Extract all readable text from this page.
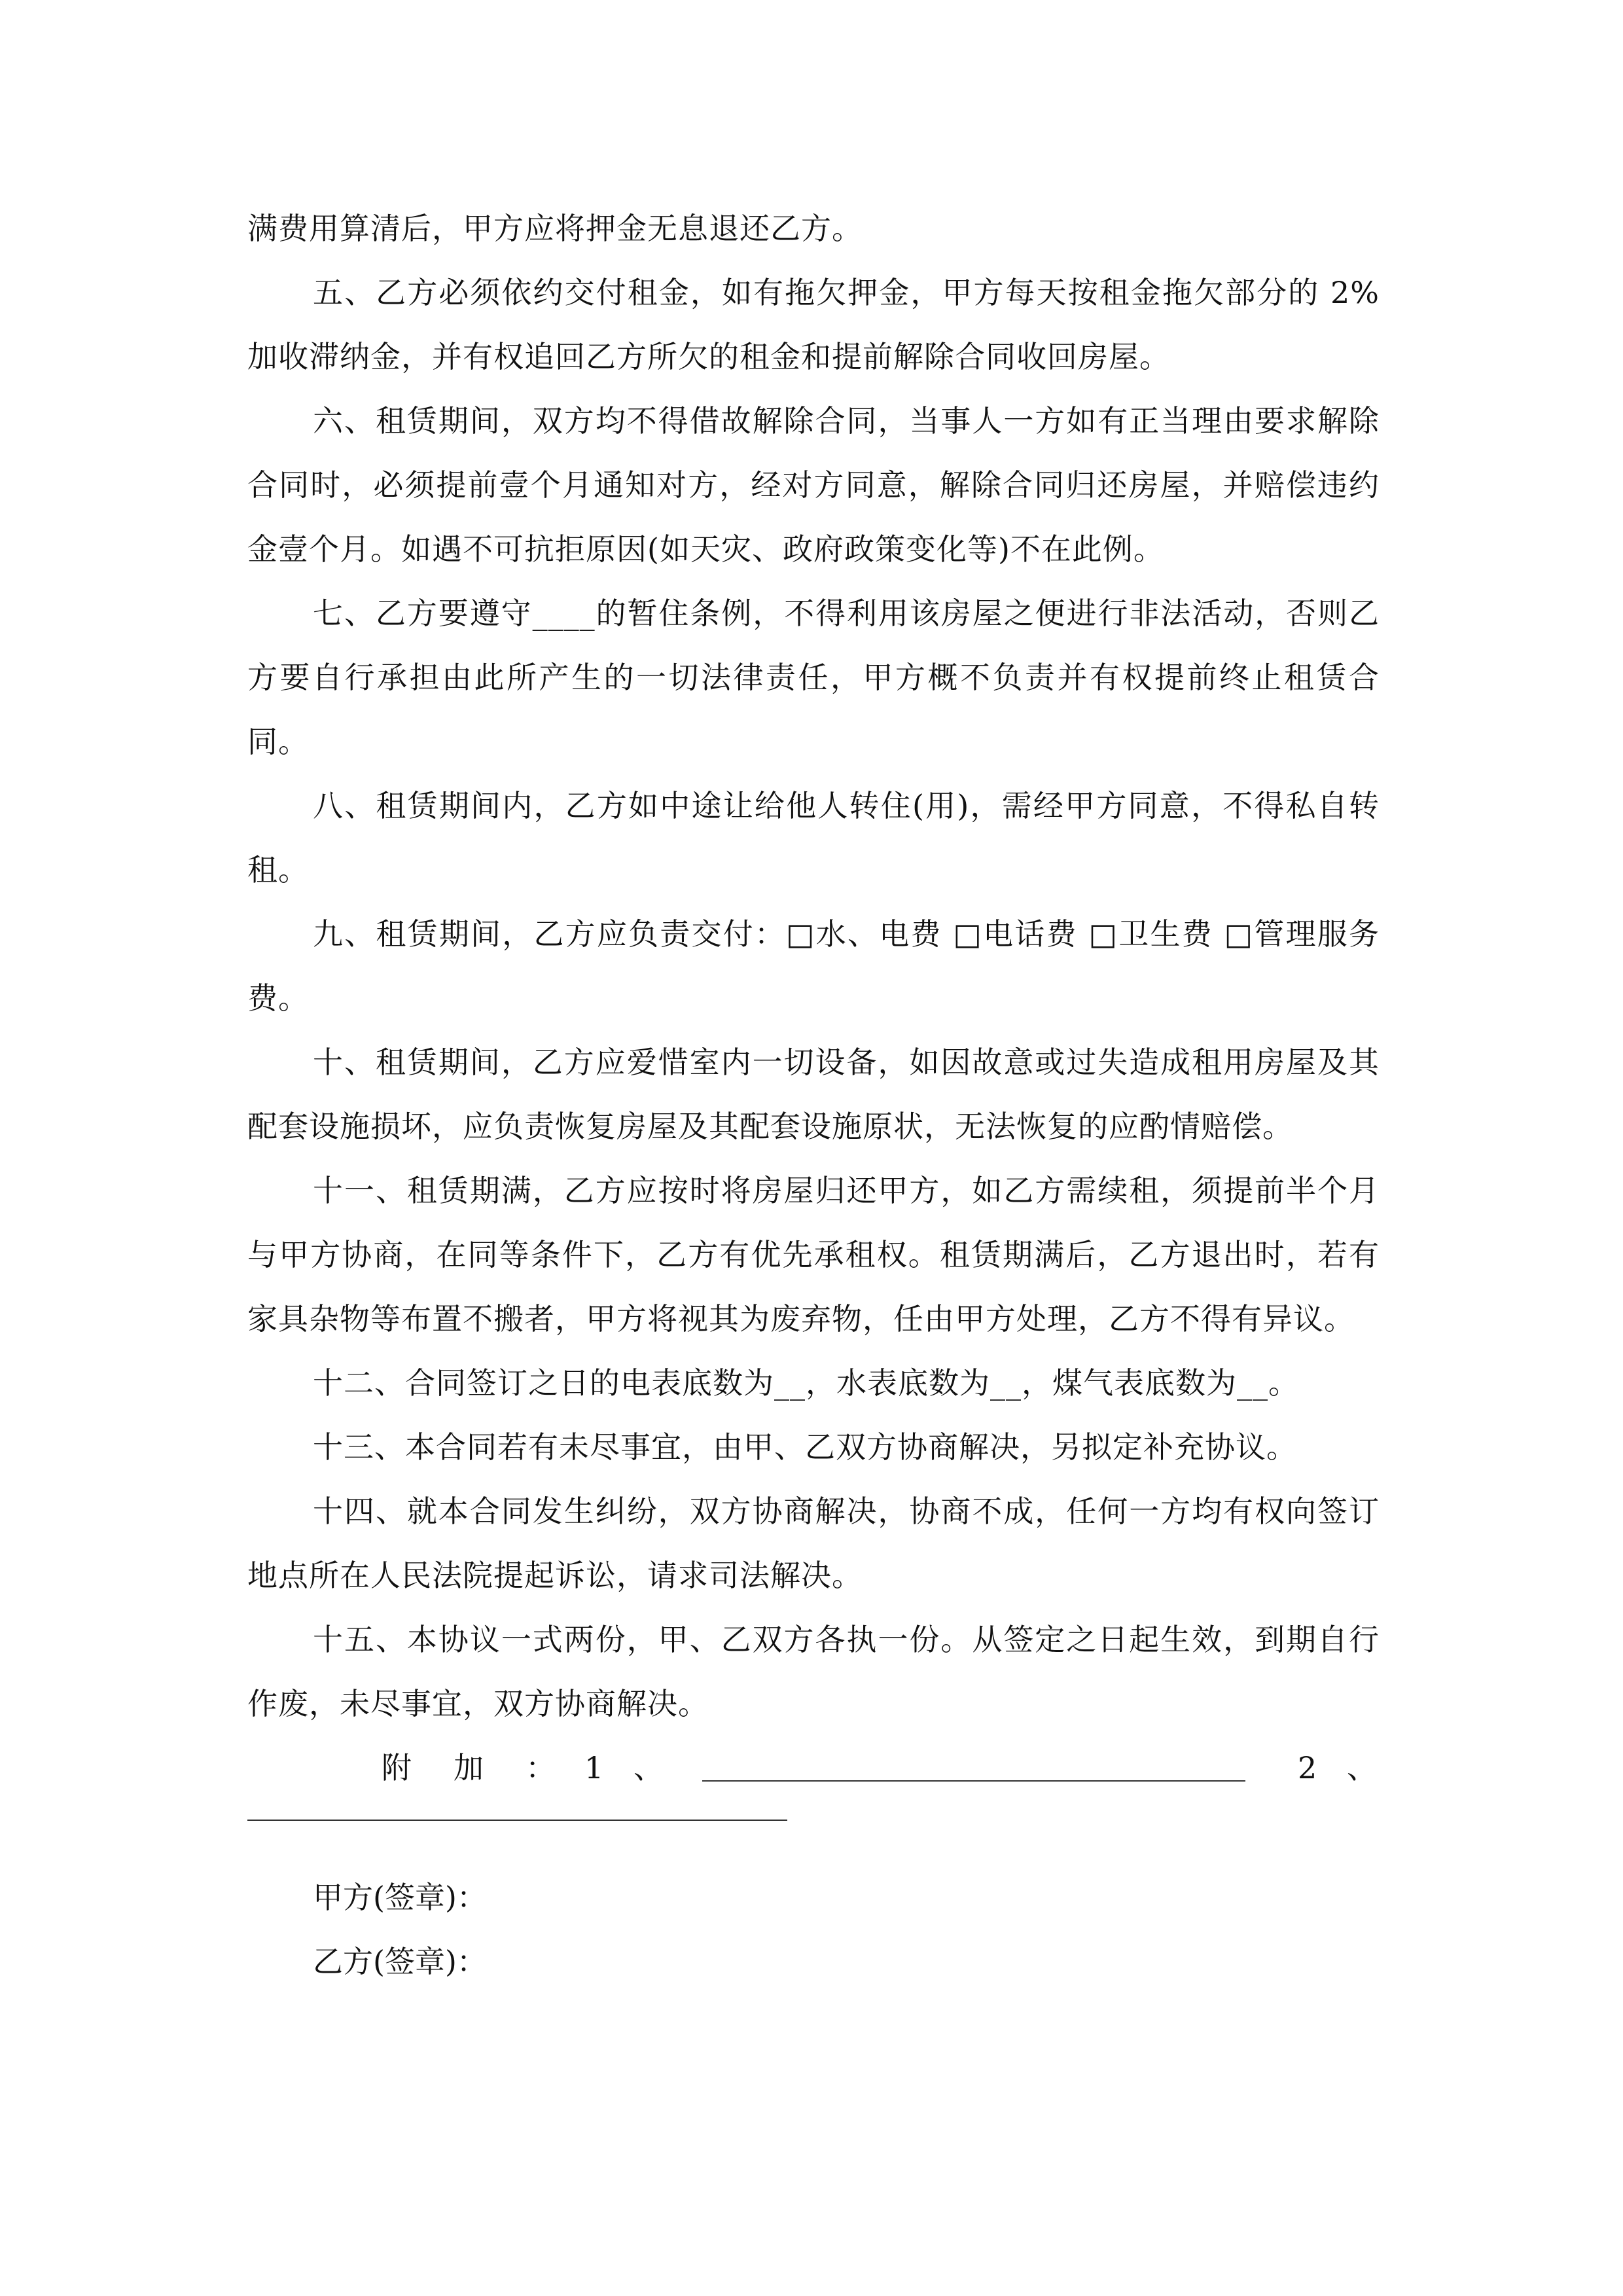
满费用算清后，甲方应将押金无息退还乙方。

五、乙方必须依约交付租金，如有拖欠押金，甲方每天按租金拖欠部分的 2%加收滞纳金，并有权追回乙方所欠的租金和提前解除合同收回房屋。

六、租赁期间，双方均不得借故解除合同，当事人一方如有正当理由要求解除合同时，必须提前壹个月通知对方，经对方同意，解除合同归还房屋，并赔偿违约金壹个月。如遇不可抗拒原因(如天灾、政府政策变化等)不在此例。

七、乙方要遵守____的暂住条例，不得利用该房屋之便进行非法活动，否则乙方要自行承担由此所产生的一切法律责任，甲方概不负责并有权提前终止租赁合同。

八、租赁期间内，乙方如中途让给他人转住(用)，需经甲方同意，不得私自转租。

九、租赁期间，乙方应负责交付：□水、电费 □电话费 □卫生费 □管理服务费。

十、租赁期间，乙方应爱惜室内一切设备，如因故意或过失造成租用房屋及其配套设施损坏，应负责恢复房屋及其配套设施原状，无法恢复的应酌情赔偿。

十一、租赁期满，乙方应按时将房屋归还甲方，如乙方需续租，须提前半个月与甲方协商，在同等条件下，乙方有优先承租权。租赁期满后，乙方退出时，若有家具杂物等布置不搬者，甲方将视其为废弃物，任由甲方处理，乙方不得有异议。

十二、合同签订之日的电表底数为__，水表底数为__，煤气表底数为__。

十三、本合同若有未尽事宜，由甲、乙双方协商解决，另拟定补充协议。

十四、就本合同发生纠纷，双方协商解决，协商不成，任何一方均有权向签订地点所在人民法院提起诉讼，请求司法解决。

十五、本协议一式两份，甲、乙双方各执一份。从签定之日起生效，到期自行作废，未尽事宜，双方协商解决。

附 加 ： 1 、	2 、

甲方(签章)：

乙方(签章)：
